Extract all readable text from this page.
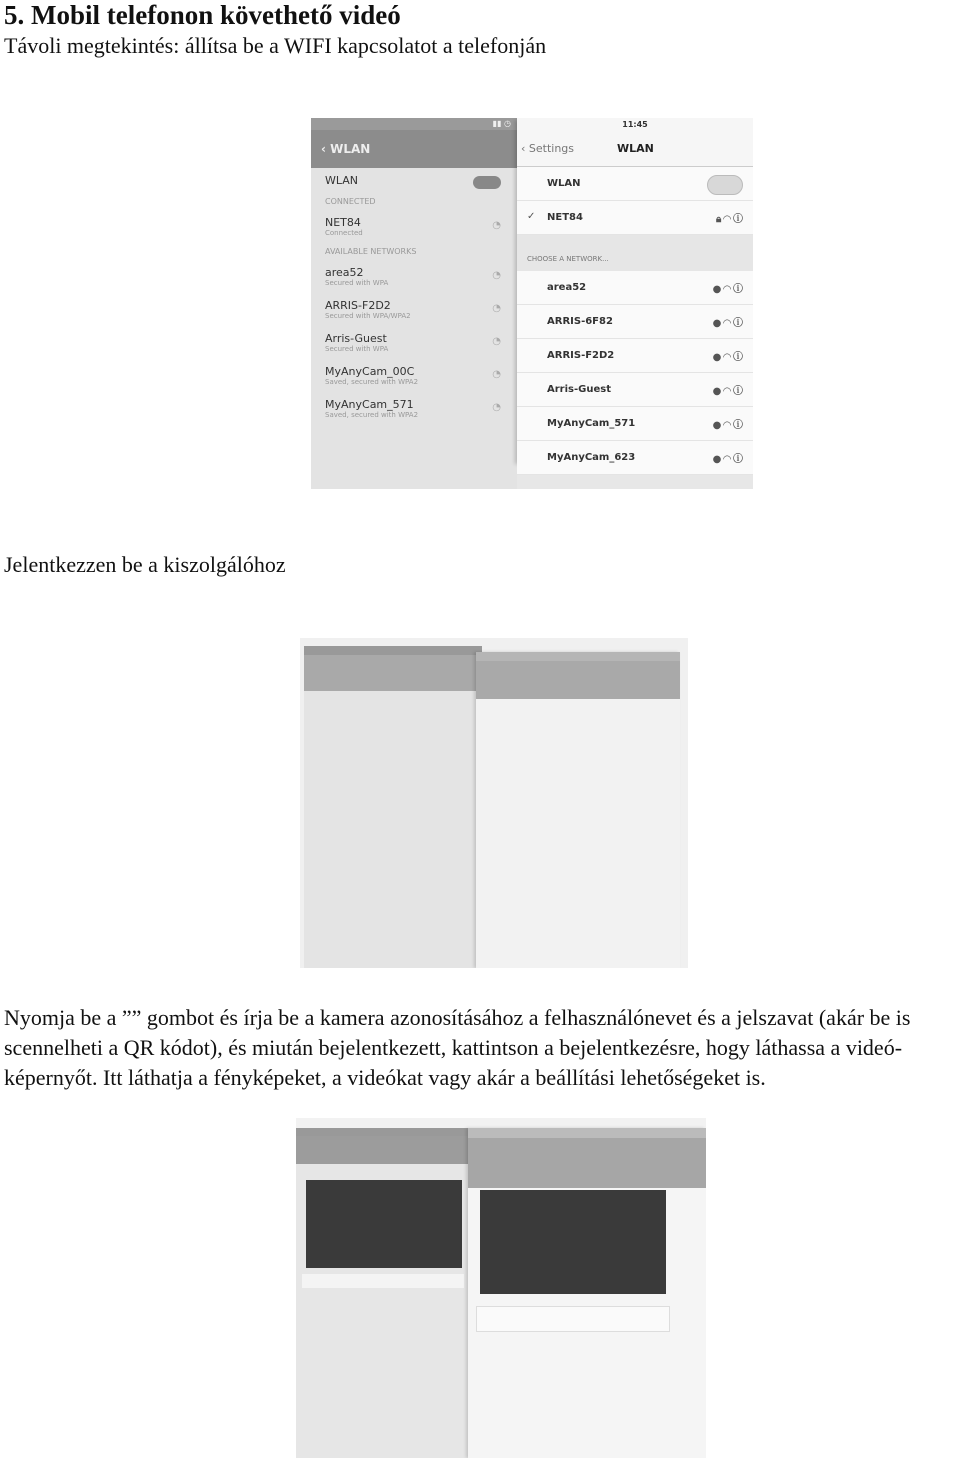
5. Mobil telefonon követhető videó
Távoli megtekintés: állítsa be a WIFI kapcsolatot a telefonján
▮▮ ◷
‹ WLAN
WLAN
CONNECTED
NET84
Connected
◔
AVAILABLE NETWORKS
area52
Secured with WPA
◔
ARRIS-F2D2
Secured with WPA/WPA2
◔
Arris-Guest
Secured with WPA
◔
MyAnyCam_00C
Saved, secured with WPA2
◔
MyAnyCam_571
Saved, secured with WPA2
◔
11:45
‹ Settings	WLAN
WLAN
✓ NET84	🔒︎◠ⓘ
CHOOSE A NETWORK...
area52	●◠ⓘ
ARRIS-6F82	●◠ⓘ
ARRIS-F2D2	●◠ⓘ
Arris-Guest	●◠ⓘ
MyAnyCam_571	●◠ⓘ
MyAnyCam_623	●◠ⓘ
Jelentkezzen be a kiszolgálóhoz
Nyomja be a ”” gombot és írja be a kamera azonosításához a felhasználónevet és a jelszavat (akár be is scennelheti a QR kódot), és miután bejelentkezett, kattintson a bejelentkezésre, hogy láthassa a videó-képernyőt. Itt láthatja a fényképeket, a videókat vagy akár a beállítási lehetőségeket is.
